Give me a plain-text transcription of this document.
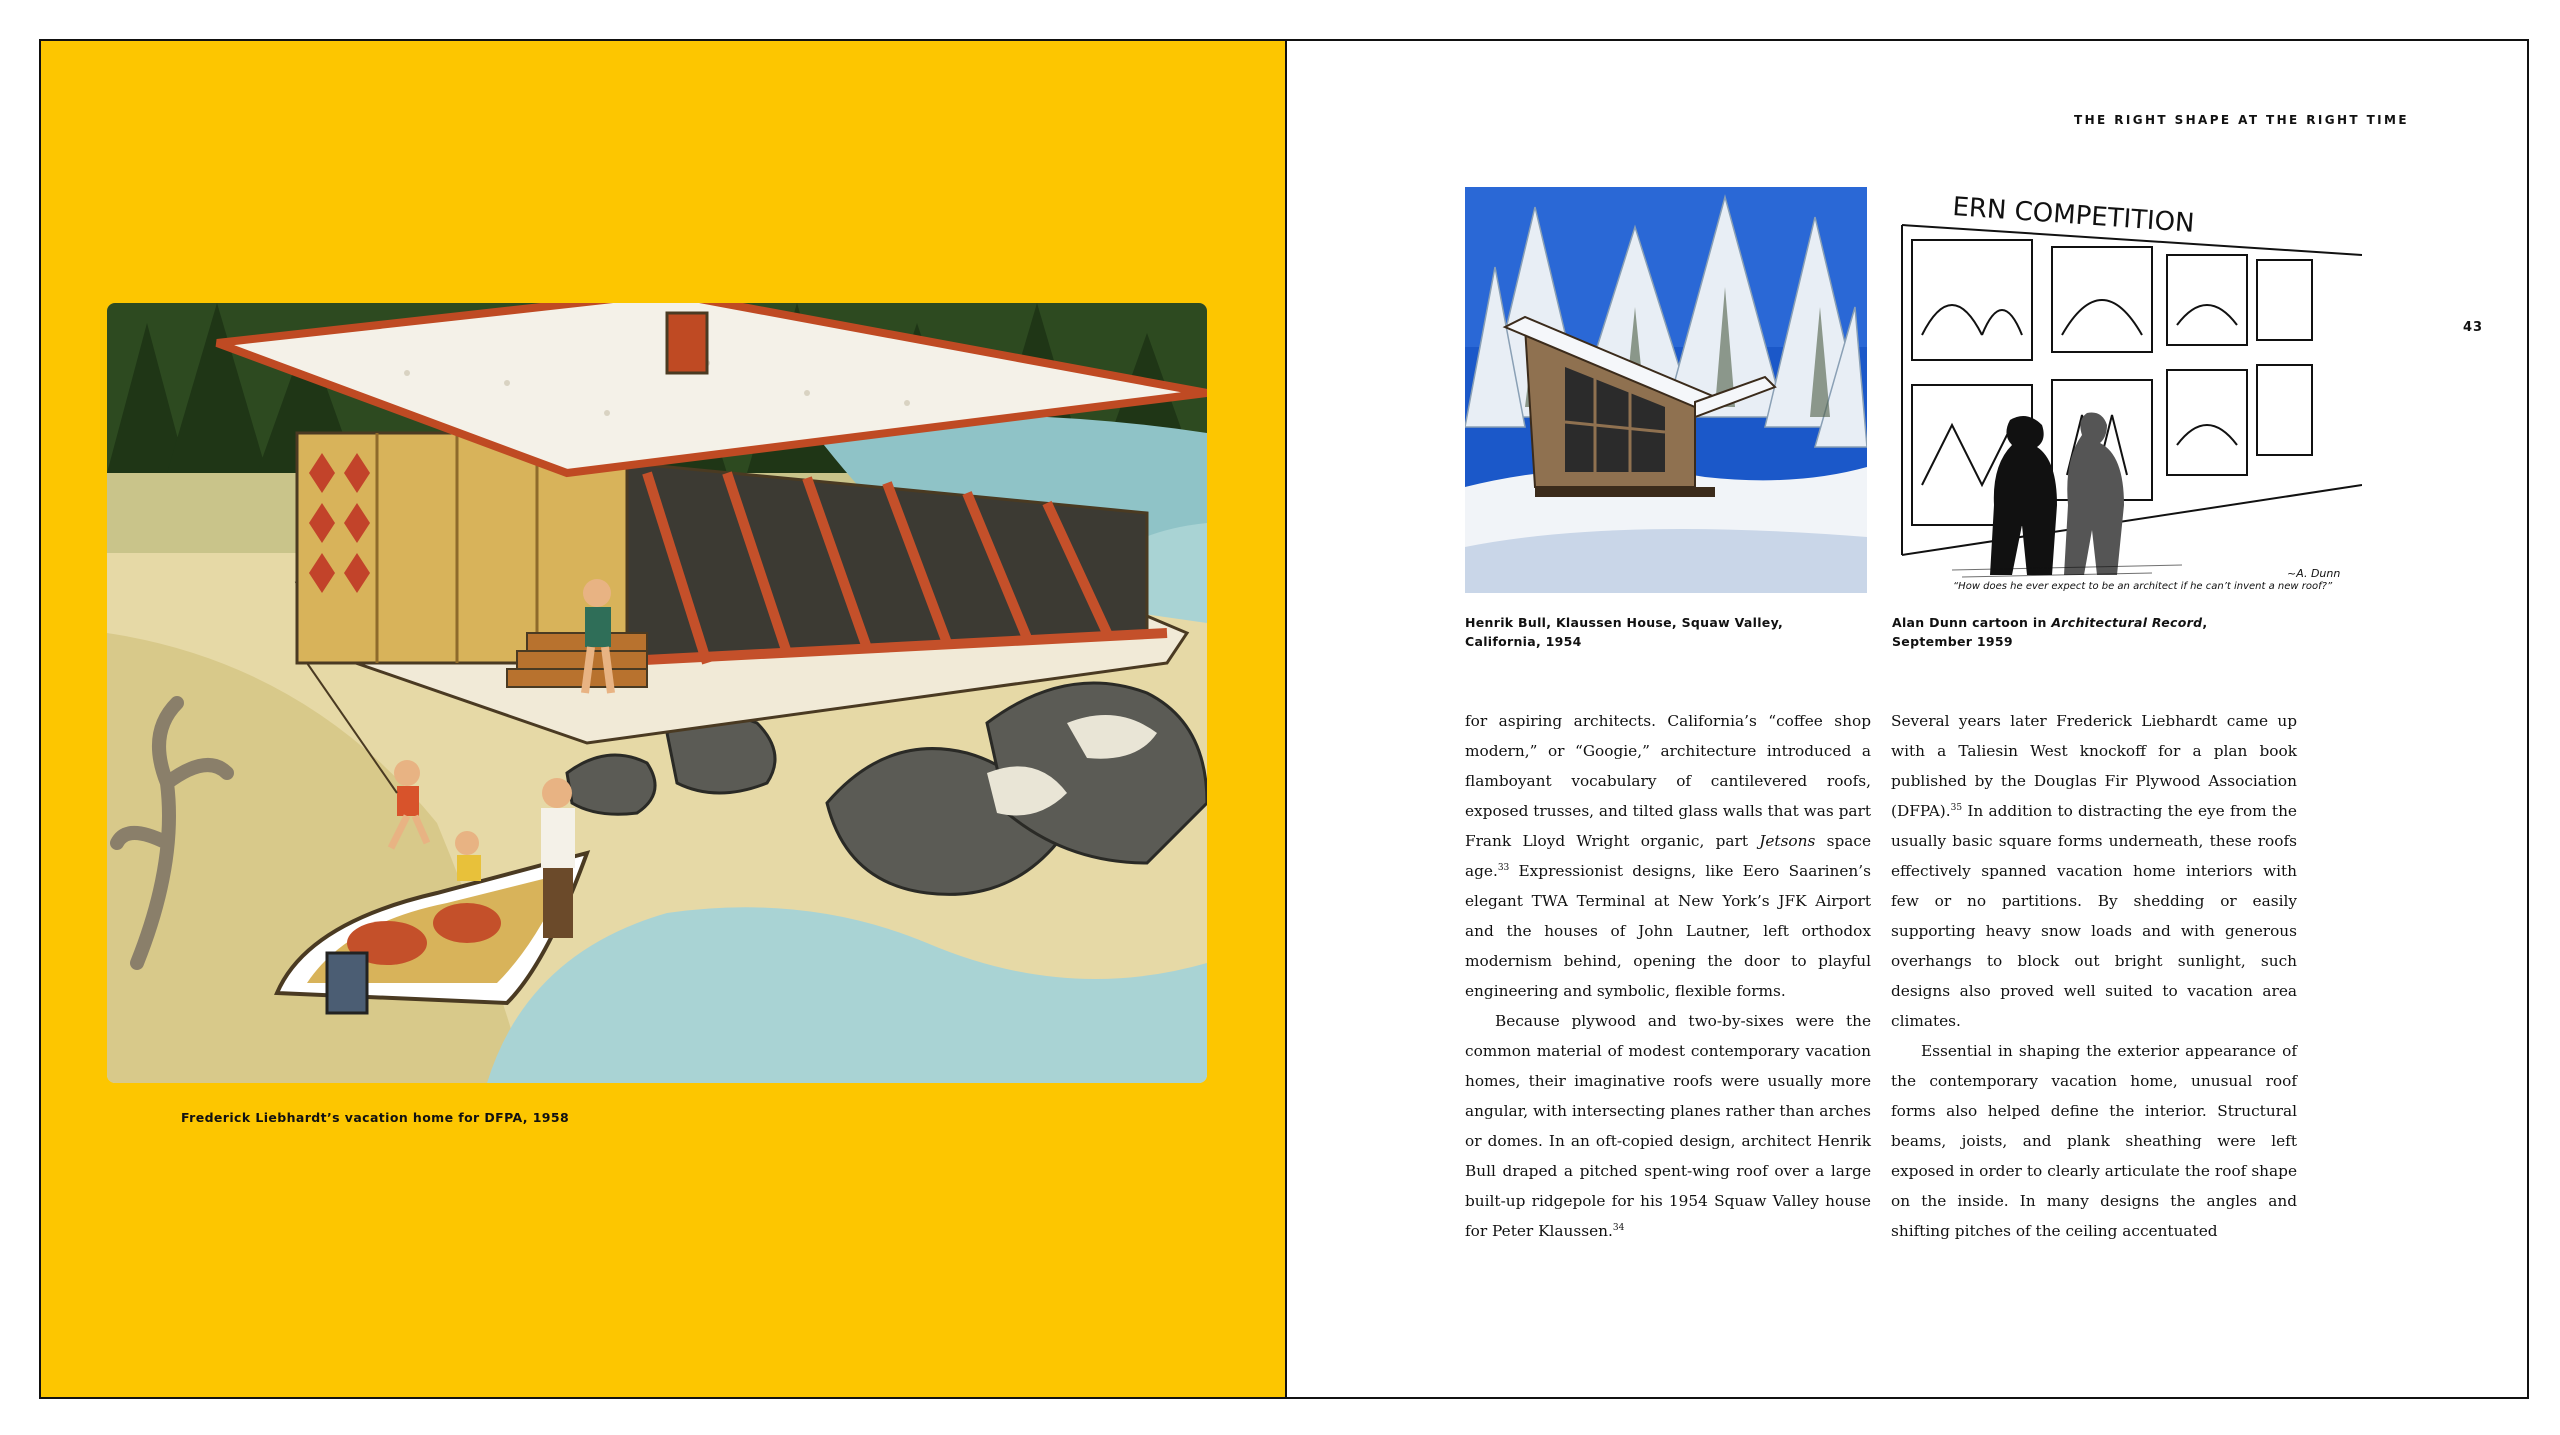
Frederick Liebhardt’s vacation home for DFPA, 1958
THE RIGHT SHAPE AT THE RIGHT TIME
43
ERN COMPETITION
~A. Dunn
“How does he ever expect to be an architect if he can’t invent a new roof?”
Henrik Bull, Klaussen House, Squaw Valley, California, 1954
Alan Dunn cartoon in Architectural Record, September 1959

for aspiring architects. California’s “coffee shop modern,” or “Googie,” architecture introduced a flamboyant vocabulary of cantilevered roofs, exposed trusses, and tilted glass walls that was part Frank Lloyd Wright organic, part Jetsons space age.$^{33}$ Expressionist designs, like Eero Saarinen’s elegant TWA Terminal at New York’s JFK Airport and the houses of John Lautner, left orthodox modernism behind, opening the door to playful engineering and symbolic, flexible forms.

Because plywood and two-by-sixes were the common material of modest contemporary vacation homes, their imaginative roofs were usually more angular, with intersecting planes rather than arches or domes. In an oft-copied design, architect Henrik Bull draped a pitched spent-wing roof over a large built-up ridgepole for his 1954 Squaw Valley house for Peter Klaussen.$^{34}$

Several years later Frederick Liebhardt came up with a Taliesin West knockoff for a plan book published by the Douglas Fir Plywood Association (DFPA).$^{35}$ In addition to distracting the eye from the usually basic square forms underneath, these roofs effectively spanned vacation home interiors with few or no partitions. By shedding or easily supporting heavy snow loads and with generous overhangs to block out bright sunlight, such designs also proved well suited to vacation area climates.

Essential in shaping the exterior appearance of the contemporary vacation home, unusual roof forms also helped define the interior. Structural beams, joists, and plank sheathing were left exposed in order to clearly articulate the roof shape on the inside. In many designs the angles and shifting pitches of the ceiling accentuated
